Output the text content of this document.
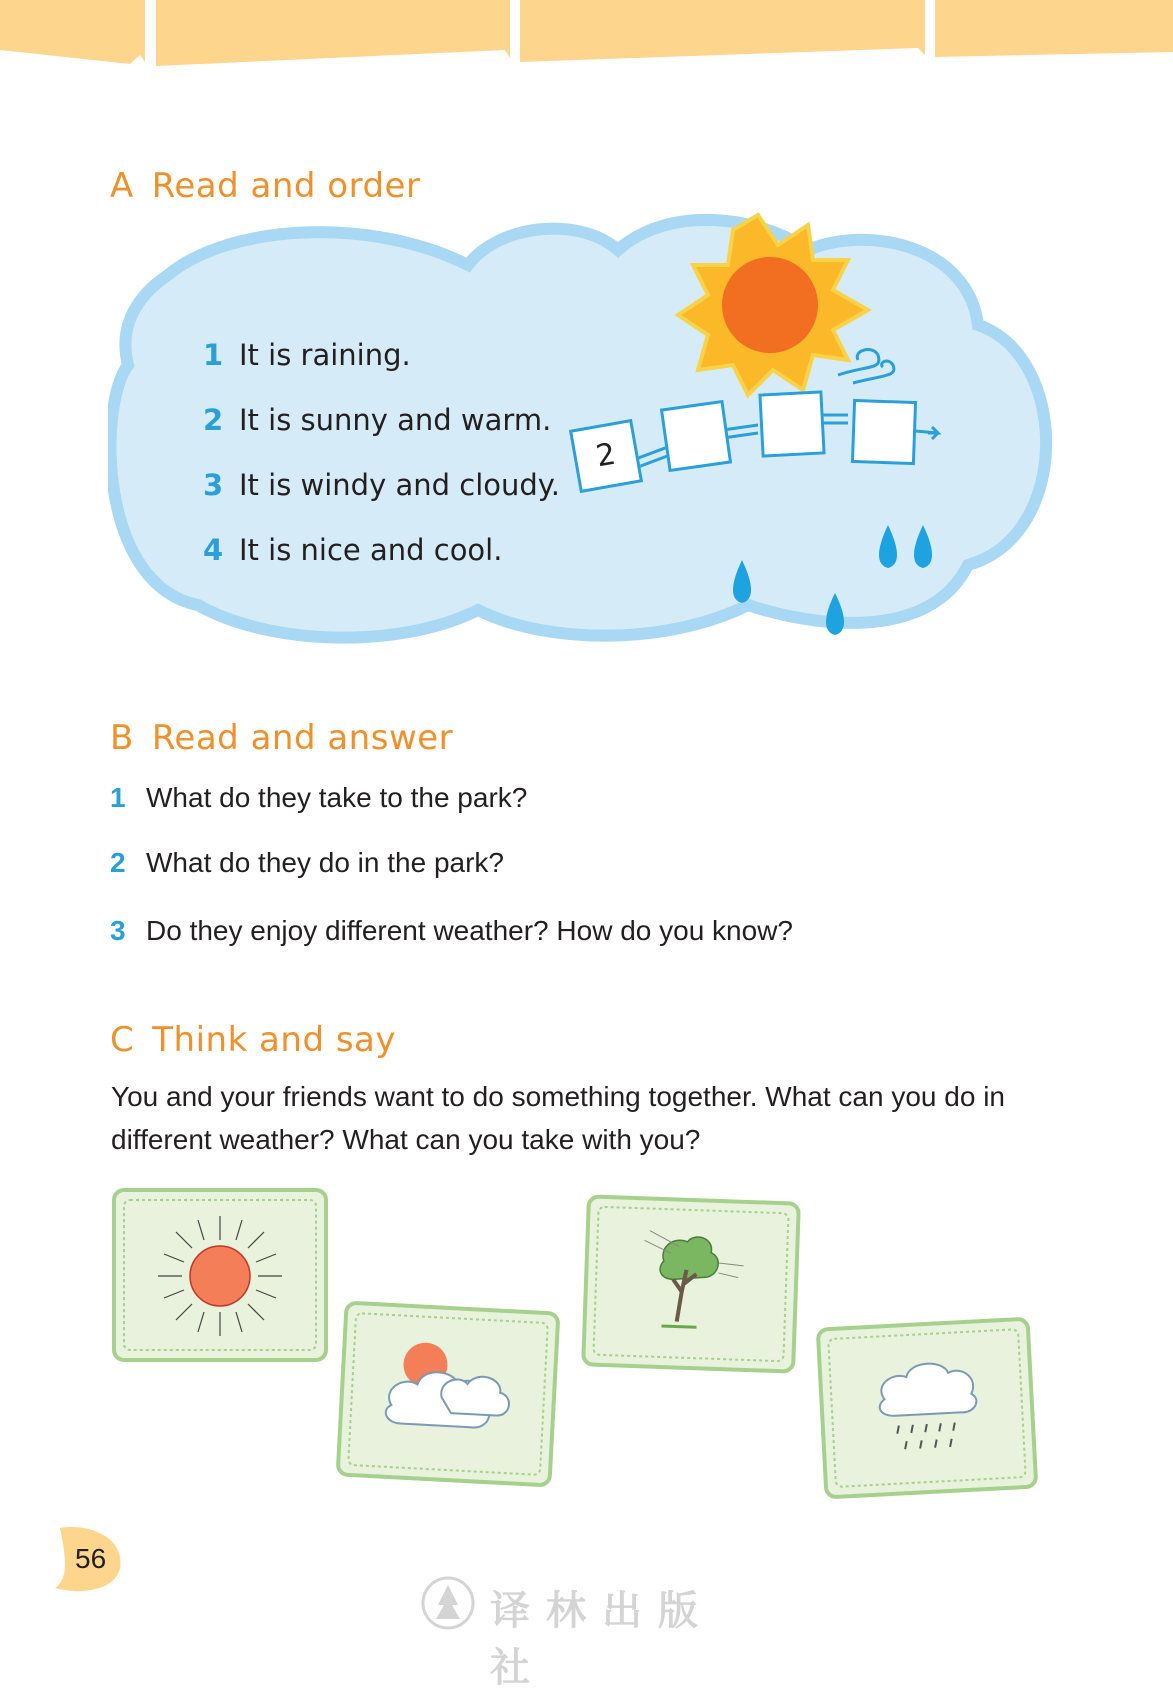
A Read and order
2
1 It is raining.
2 It is sunny and warm.
3 It is windy and cloudy.
4 It is nice and cool.
B Read and answer
1 What do they take to the park?
2 What do they do in the park?
3 Do they enjoy different weather? How do you know?
C Think and say
You and your friends want to do something together. What can you do in different weather? What can you take with you?
56
译林出版社
